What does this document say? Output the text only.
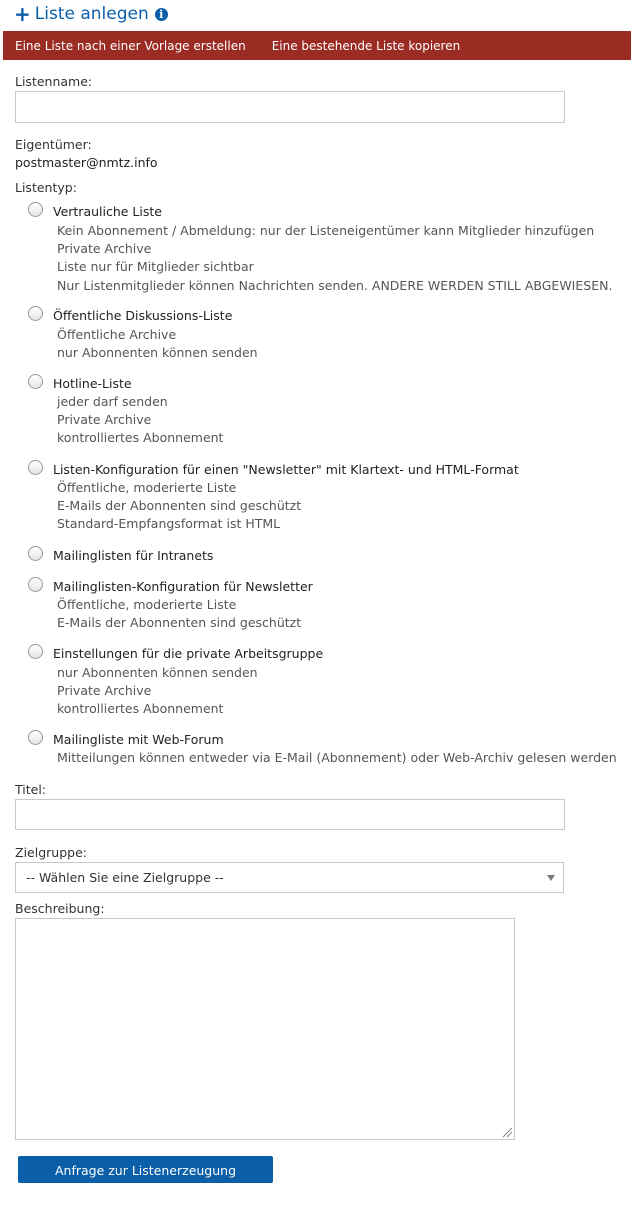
+ Liste anlegen i
Eine Liste nach einer Vorlage erstellen Eine bestehende Liste kopieren
Listenname:
Eigentümer:
postmaster@nmtz.info
Listentyp:
Vertrauliche Liste
Kein Abonnement / Abmeldung: nur der Listeneigentümer kann Mitglieder hinzufügen
Private Archive
Liste nur für Mitglieder sichtbar
Nur Listenmitglieder können Nachrichten senden. ANDERE WERDEN STILL ABGEWIESEN.
Öffentliche Diskussions-Liste
Öffentliche Archive
nur Abonnenten können senden
Hotline-Liste
jeder darf senden
Private Archive
kontrolliertes Abonnement
Listen-Konfiguration für einen "Newsletter" mit Klartext- und HTML-Format
Öffentliche, moderierte Liste
E-Mails der Abonnenten sind geschützt
Standard-Empfangsformat ist HTML
Mailinglisten für Intranets
Mailinglisten-Konfiguration für Newsletter
Öffentliche, moderierte Liste
E-Mails der Abonnenten sind geschützt
Einstellungen für die private Arbeitsgruppe
nur Abonnenten können senden
Private Archive
kontrolliertes Abonnement
Mailingliste mit Web-Forum
Mitteilungen können entweder via E-Mail (Abonnement) oder Web-Archiv gelesen werden
Titel:
Zielgruppe:
-- Wählen Sie eine Zielgruppe --
Beschreibung:
Anfrage zur Listenerzeugung absenden
